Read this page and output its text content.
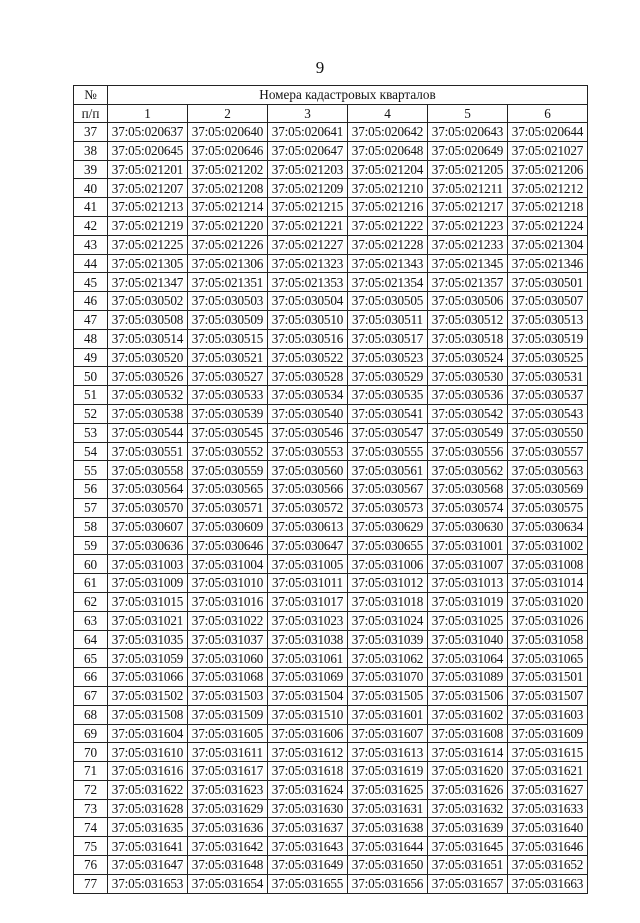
9
№	Номера кадастровых кварталов					
п/п	1	2	3	4	5	6
37	37:05:020637	37:05:020640	37:05:020641	37:05:020642	37:05:020643	37:05:020644
38	37:05:020645	37:05:020646	37:05:020647	37:05:020648	37:05:020649	37:05:021027
39	37:05:021201	37:05:021202	37:05:021203	37:05:021204	37:05:021205	37:05:021206
40	37:05:021207	37:05:021208	37:05:021209	37:05:021210	37:05:021211	37:05:021212
41	37:05:021213	37:05:021214	37:05:021215	37:05:021216	37:05:021217	37:05:021218
42	37:05:021219	37:05:021220	37:05:021221	37:05:021222	37:05:021223	37:05:021224
43	37:05:021225	37:05:021226	37:05:021227	37:05:021228	37:05:021233	37:05:021304
44	37:05:021305	37:05:021306	37:05:021323	37:05:021343	37:05:021345	37:05:021346
45	37:05:021347	37:05:021351	37:05:021353	37:05:021354	37:05:021357	37:05:030501
46	37:05:030502	37:05:030503	37:05:030504	37:05:030505	37:05:030506	37:05:030507
47	37:05:030508	37:05:030509	37:05:030510	37:05:030511	37:05:030512	37:05:030513
48	37:05:030514	37:05:030515	37:05:030516	37:05:030517	37:05:030518	37:05:030519
49	37:05:030520	37:05:030521	37:05:030522	37:05:030523	37:05:030524	37:05:030525
50	37:05:030526	37:05:030527	37:05:030528	37:05:030529	37:05:030530	37:05:030531
51	37:05:030532	37:05:030533	37:05:030534	37:05:030535	37:05:030536	37:05:030537
52	37:05:030538	37:05:030539	37:05:030540	37:05:030541	37:05:030542	37:05:030543
53	37:05:030544	37:05:030545	37:05:030546	37:05:030547	37:05:030549	37:05:030550
54	37:05:030551	37:05:030552	37:05:030553	37:05:030555	37:05:030556	37:05:030557
55	37:05:030558	37:05:030559	37:05:030560	37:05:030561	37:05:030562	37:05:030563
56	37:05:030564	37:05:030565	37:05:030566	37:05:030567	37:05:030568	37:05:030569
57	37:05:030570	37:05:030571	37:05:030572	37:05:030573	37:05:030574	37:05:030575
58	37:05:030607	37:05:030609	37:05:030613	37:05:030629	37:05:030630	37:05:030634
59	37:05:030636	37:05:030646	37:05:030647	37:05:030655	37:05:031001	37:05:031002
60	37:05:031003	37:05:031004	37:05:031005	37:05:031006	37:05:031007	37:05:031008
61	37:05:031009	37:05:031010	37:05:031011	37:05:031012	37:05:031013	37:05:031014
62	37:05:031015	37:05:031016	37:05:031017	37:05:031018	37:05:031019	37:05:031020
63	37:05:031021	37:05:031022	37:05:031023	37:05:031024	37:05:031025	37:05:031026
64	37:05:031035	37:05:031037	37:05:031038	37:05:031039	37:05:031040	37:05:031058
65	37:05:031059	37:05:031060	37:05:031061	37:05:031062	37:05:031064	37:05:031065
66	37:05:031066	37:05:031068	37:05:031069	37:05:031070	37:05:031089	37:05:031501
67	37:05:031502	37:05:031503	37:05:031504	37:05:031505	37:05:031506	37:05:031507
68	37:05:031508	37:05:031509	37:05:031510	37:05:031601	37:05:031602	37:05:031603
69	37:05:031604	37:05:031605	37:05:031606	37:05:031607	37:05:031608	37:05:031609
70	37:05:031610	37:05:031611	37:05:031612	37:05:031613	37:05:031614	37:05:031615
71	37:05:031616	37:05:031617	37:05:031618	37:05:031619	37:05:031620	37:05:031621
72	37:05:031622	37:05:031623	37:05:031624	37:05:031625	37:05:031626	37:05:031627
73	37:05:031628	37:05:031629	37:05:031630	37:05:031631	37:05:031632	37:05:031633
74	37:05:031635	37:05:031636	37:05:031637	37:05:031638	37:05:031639	37:05:031640
75	37:05:031641	37:05:031642	37:05:031643	37:05:031644	37:05:031645	37:05:031646
76	37:05:031647	37:05:031648	37:05:031649	37:05:031650	37:05:031651	37:05:031652
77	37:05:031653	37:05:031654	37:05:031655	37:05:031656	37:05:031657	37:05:031663
